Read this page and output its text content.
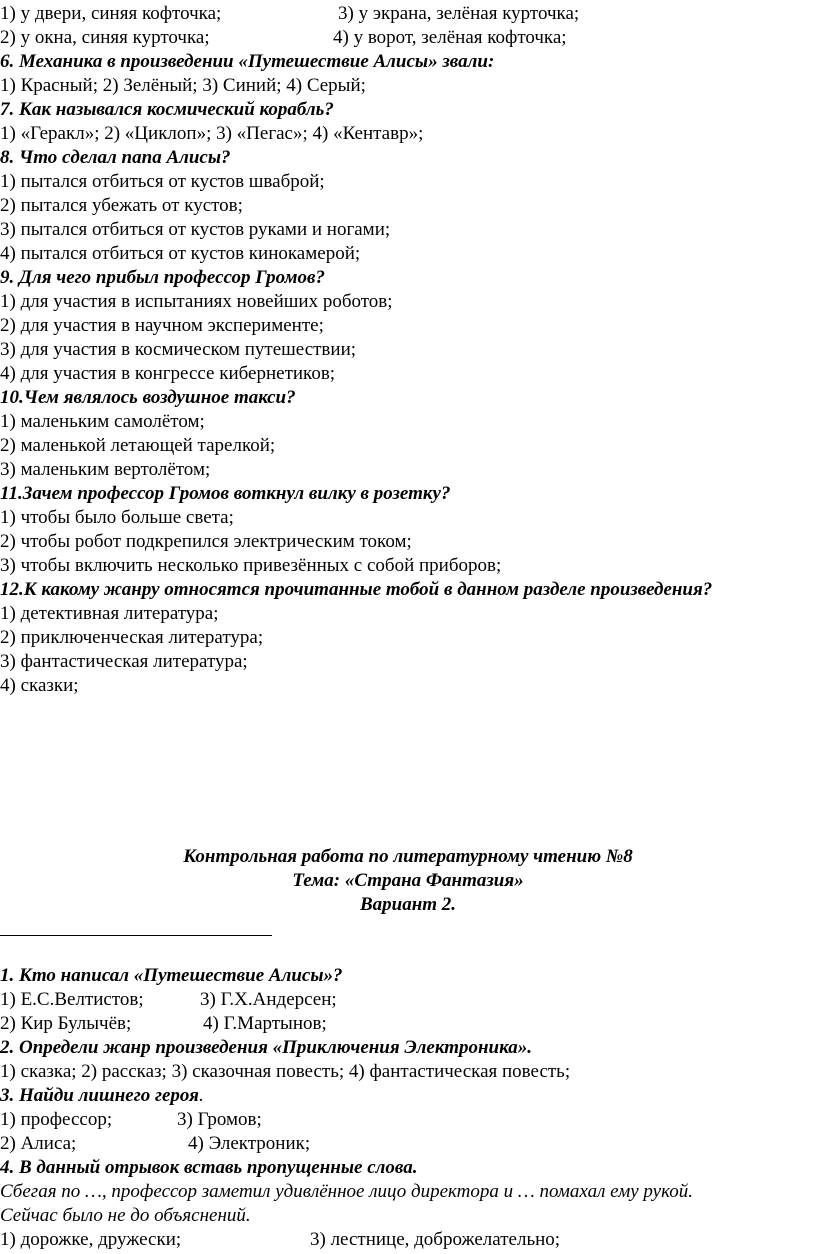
1) у двери, синяя кофточка;	3) у экрана, зелёная курточка;
2) у окна, синяя курточка;	4) у ворот, зелёная кофточка;
6. Механика в произведении «Путешествие Алисы» звали:
1) Красный; 2) Зелёный; 3) Синий; 4) Серый;
7. Как назывался космический корабль?
1) «Геракл»; 2) «Циклоп»; 3) «Пегас»; 4) «Кентавр»;
8. Что сделал папа Алисы?
1) пытался отбиться от кустов шваброй;
2) пытался убежать от кустов;
3) пытался отбиться от кустов руками и ногами;
4) пытался отбиться от кустов кинокамерой;
9. Для чего прибыл профессор Громов?
1) для участия в испытаниях новейших роботов;
2) для участия в научном эксперименте;
3) для участия в космическом путешествии;
4) для участия в конгрессе кибернетиков;
10.Чем являлось воздушное такси?
1) маленьким самолётом;
2) маленькой летающей тарелкой;
3) маленьким вертолётом;
11.Зачем профессор Громов воткнул вилку в розетку?
1) чтобы было больше света;
2) чтобы робот подкрепился электрическим током;
3) чтобы включить несколько привезённых с собой приборов;
12.К какому жанру относятся прочитанные тобой в данном разделе произведения?
1) детективная литература;
2) приключенческая литература;
3) фантастическая литература;
4) сказки;
Контрольная работа по литературному чтению №8
Тема: «Страна Фантазия»
Вариант 2.
1. Кто написал «Путешествие Алисы»?
1) Е.С.Велтистов;	3) Г.Х.Андерсен;
2) Кир Булычёв;	4) Г.Мартынов;
2. Определи жанр произведения «Приключения Электроника».
1) сказка; 2) рассказ; 3) сказочная повесть; 4) фантастическая повесть;
3. Найди лишнего героя.
1) профессор;	3) Громов;
2) Алиса;	4) Электроник;
4. В данный отрывок вставь пропущенные слова.
Сбегая по …, профессор заметил удивлённое лицо директора и … помахал ему рукой.
Сейчас было не до объяснений.
1) дорожке, дружески;	3) лестнице, доброжелательно;
